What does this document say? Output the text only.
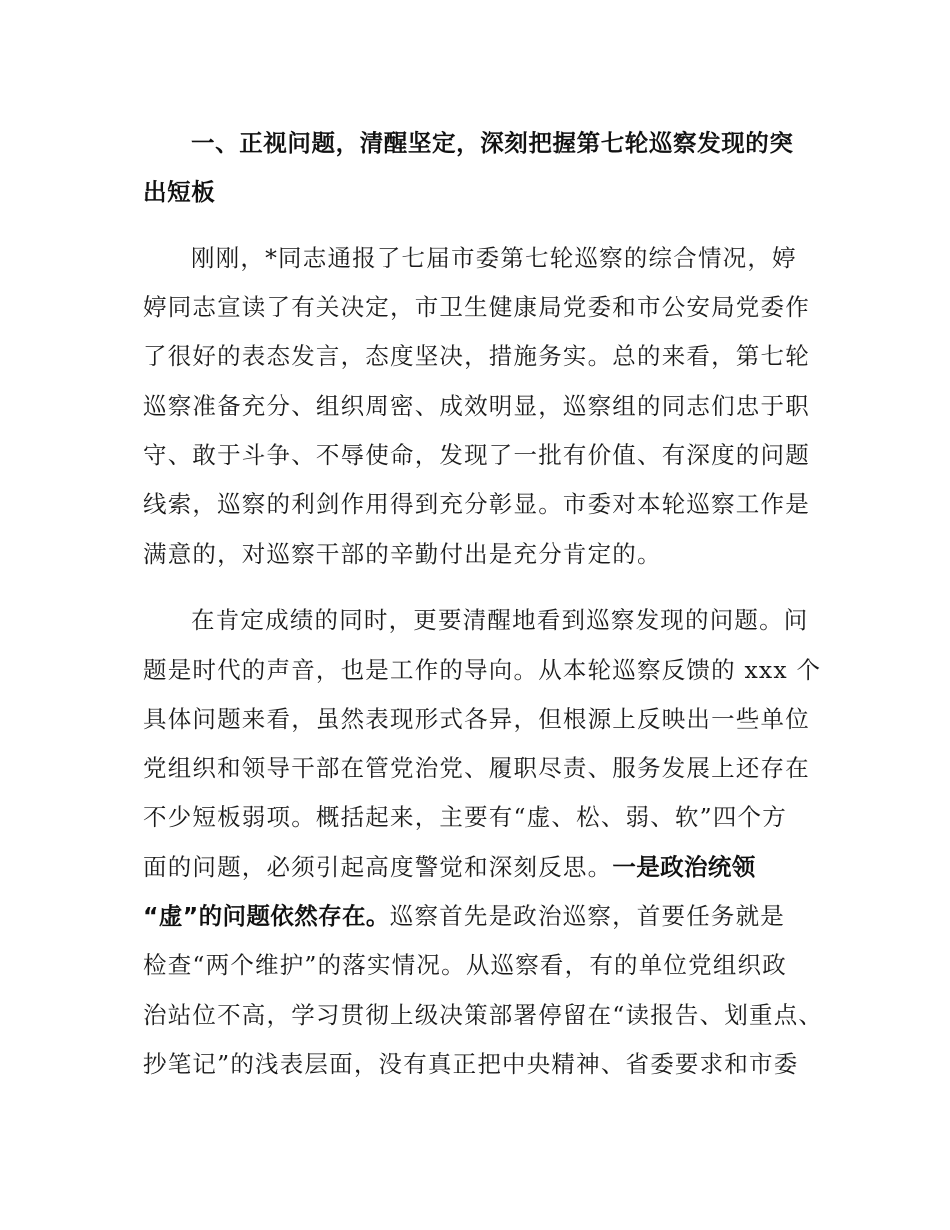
一、正视问题，清醒坚定，深刻把握第七轮巡察发现的突
出短板
刚刚，*同志通报了七届市委第七轮巡察的综合情况，婷
婷同志宣读了有关决定，市卫生健康局党委和市公安局党委作
了很好的表态发言，态度坚决，措施务实。总的来看，第七轮
巡察准备充分、组织周密、成效明显，巡察组的同志们忠于职
守、敢于斗争、不辱使命，发现了一批有价值、有深度的问题
线索，巡察的利剑作用得到充分彰显。市委对本轮巡察工作是
满意的，对巡察干部的辛勤付出是充分肯定的。
在肯定成绩的同时，更要清醒地看到巡察发现的问题。问
题是时代的声音，也是工作的导向。从本轮巡察反馈的 xxx 个
具体问题来看，虽然表现形式各异，但根源上反映出一些单位
党组织和领导干部在管党治党、履职尽责、服务发展上还存在
不少短板弱项。概括起来，主要有“虚、松、弱、软”四个方
面的问题，必须引起高度警觉和深刻反思。一是政治统领
“虚”的问题依然存在。巡察首先是政治巡察，首要任务就是
检查“两个维护”的落实情况。从巡察看，有的单位党组织政
治站位不高，学习贯彻上级决策部署停留在“读报告、划重点、
抄笔记”的浅表层面，没有真正把中央精神、省委要求和市委
